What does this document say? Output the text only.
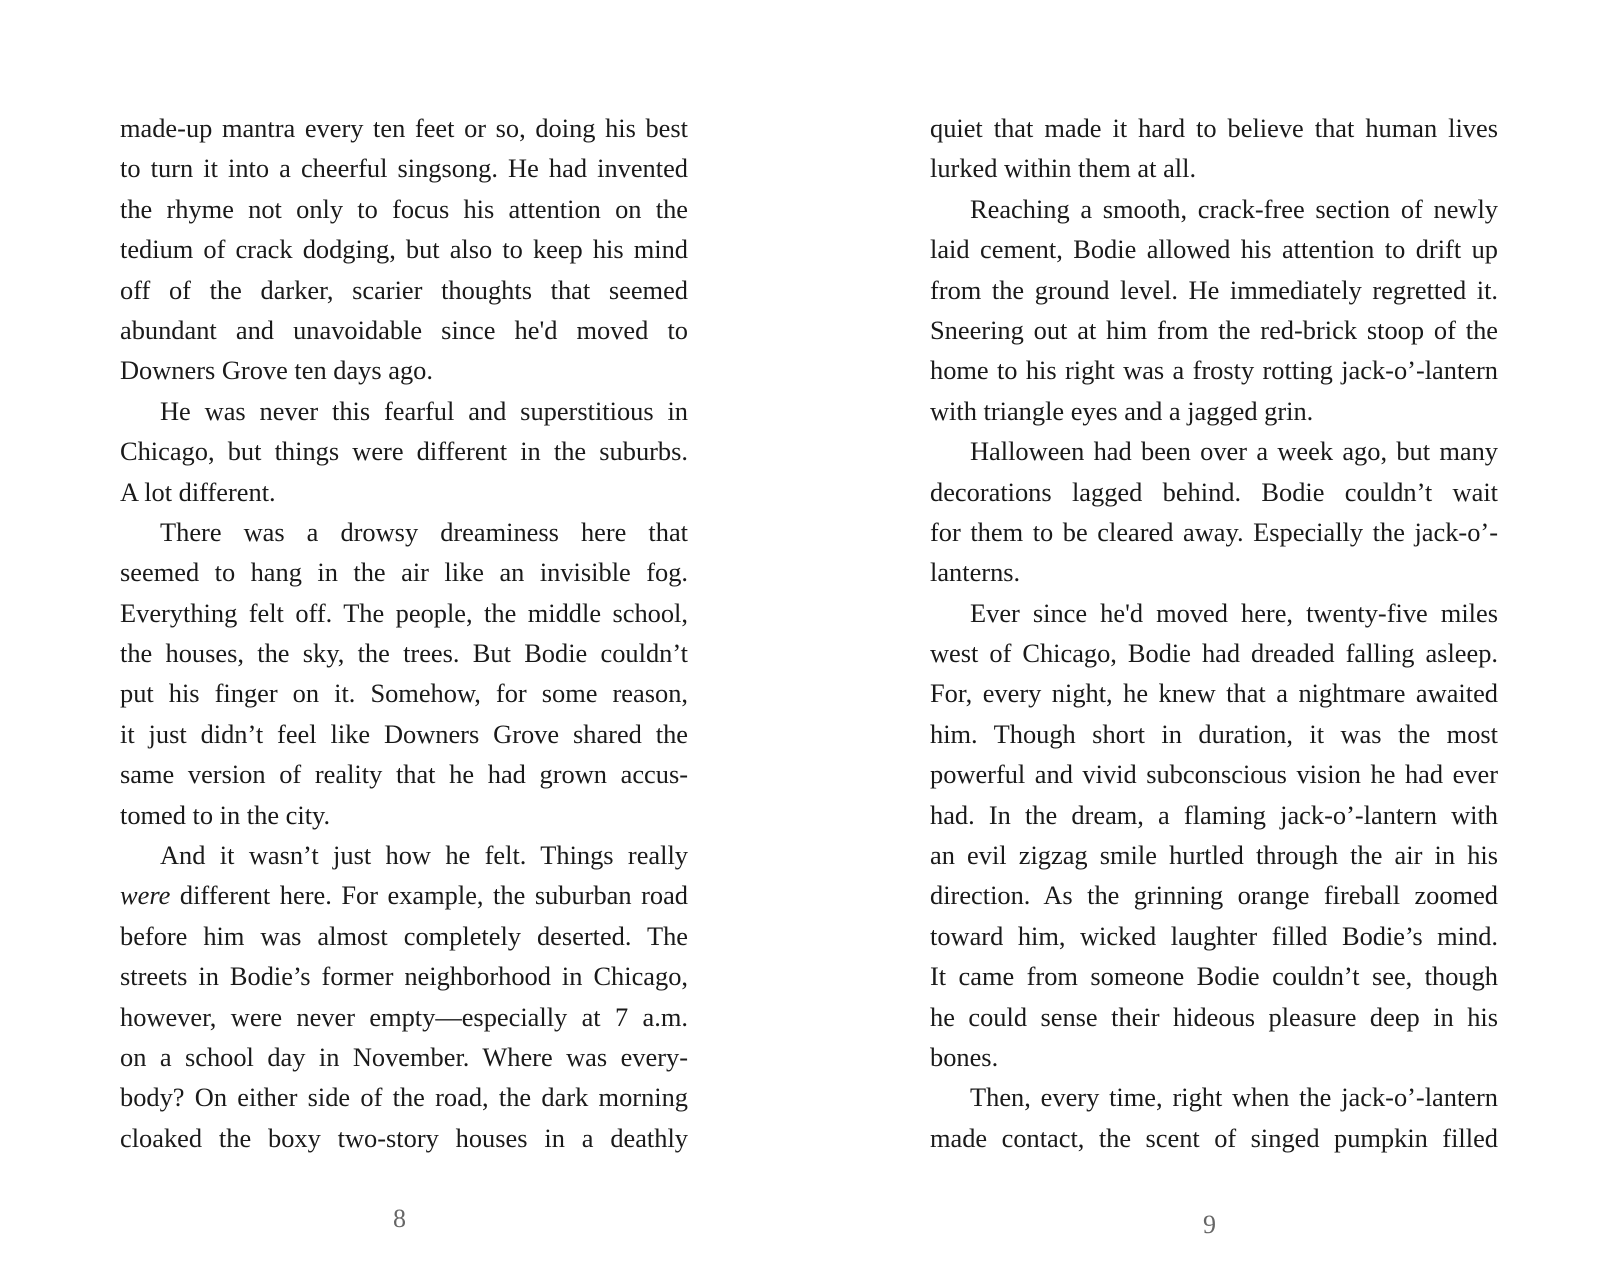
made-up mantra every ten feet or so, doing his best
to turn it into a cheerful singsong. He had invented
the rhyme not only to focus his attention on the
tedium of crack dodging, but also to keep his mind
off of the darker, scarier thoughts that seemed
abundant and unavoidable since he'd moved to
Downers Grove ten days ago.
He was never this fearful and superstitious in
Chicago, but things were different in the suburbs.
A lot different.
There was a drowsy dreaminess here that
seemed to hang in the air like an invisible fog.
Everything felt off. The people, the middle school,
the houses, the sky, the trees. But Bodie couldn’t
put his finger on it. Somehow, for some reason,
it just didn’t feel like Downers Grove shared the
same version of reality that he had grown accus-
tomed to in the city.
And it wasn’t just how he felt. Things really
were different here. For example, the suburban road
before him was almost completely deserted. The
streets in Bodie’s former neighborhood in Chicago,
however, were never empty—especially at 7 a.m.
on a school day in November. Where was every-
body? On either side of the road, the dark morning
cloaked the boxy two-story houses in a deathly
8
quiet that made it hard to believe that human lives
lurked within them at all.
Reaching a smooth, crack-free section of newly
laid cement, Bodie allowed his attention to drift up
from the ground level. He immediately regretted it.
Sneering out at him from the red-brick stoop of the
home to his right was a frosty rotting jack-o’-lantern
with triangle eyes and a jagged grin.
Halloween had been over a week ago, but many
decorations lagged behind. Bodie couldn’t wait
for them to be cleared away. Especially the jack-o’-
lanterns.
Ever since he'd moved here, twenty-five miles
west of Chicago, Bodie had dreaded falling asleep.
For, every night, he knew that a nightmare awaited
him. Though short in duration, it was the most
powerful and vivid subconscious vision he had ever
had. In the dream, a flaming jack-o’-lantern with
an evil zigzag smile hurtled through the air in his
direction. As the grinning orange fireball zoomed
toward him, wicked laughter filled Bodie’s mind.
It came from someone Bodie couldn’t see, though
he could sense their hideous pleasure deep in his
bones.
Then, every time, right when the jack-o’-lantern
made contact, the scent of singed pumpkin filled
9
